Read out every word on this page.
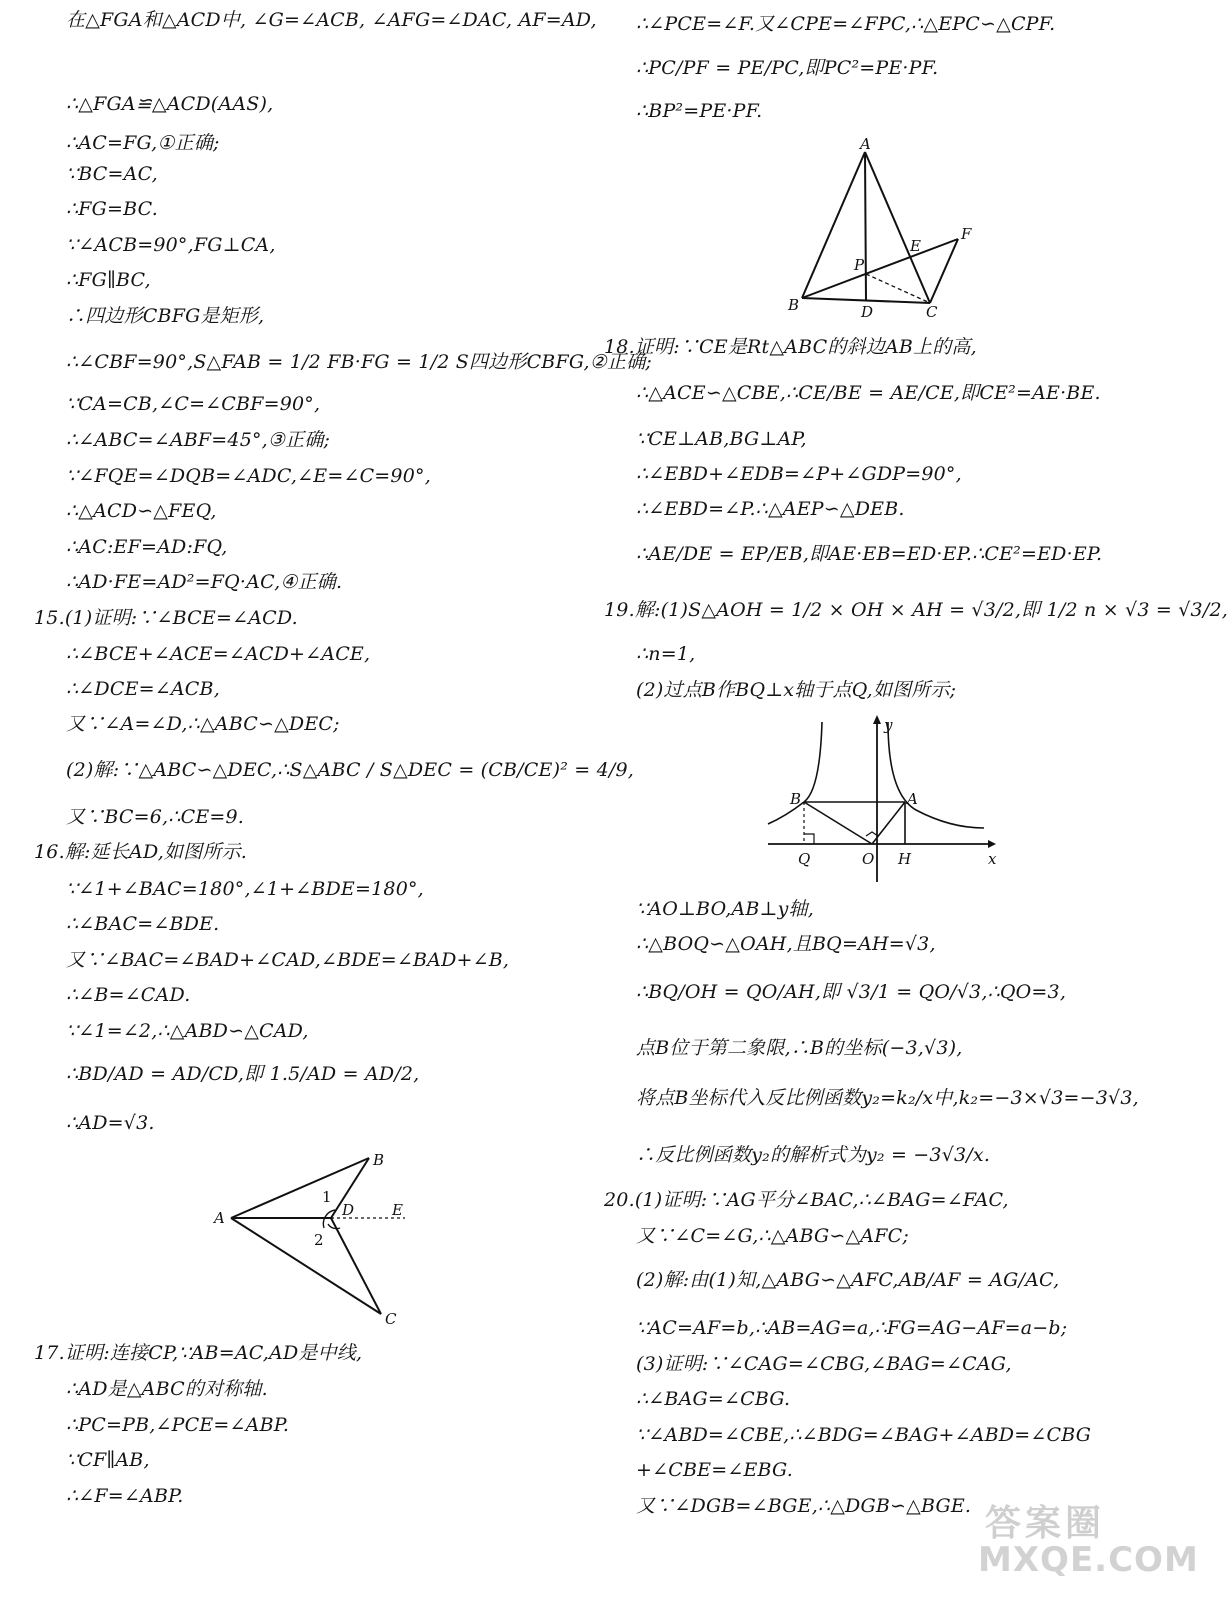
在△FGA和△ACD中, ∠G=∠ACB, ∠AFG=∠DAC, AF=AD,
∴△FGA≌△ACD(AAS),
∴AC=FG,①正确;
∵BC=AC,
∴FG=BC.
∵∠ACB=90°,FG⊥CA,
∴FG∥BC,
∴四边形CBFG是矩形,
∴∠CBF=90°,S△FAB = 1/2 FB·FG = 1/2 S四边形CBFG,②正确;
∵CA=CB,∠C=∠CBF=90°,
∴∠ABC=∠ABF=45°,③正确;
∵∠FQE=∠DQB=∠ADC,∠E=∠C=90°,
∴△ACD∽△FEQ,
∴AC:EF=AD:FQ,
∴AD·FE=AD²=FQ·AC,④正确.
15.(1)证明:∵∠BCE=∠ACD.
∴∠BCE+∠ACE=∠ACD+∠ACE,
∴∠DCE=∠ACB,
又∵∠A=∠D,∴△ABC∽△DEC;
(2)解:∵△ABC∽△DEC,∴S△ABC / S△DEC = (CB/CE)² = 4/9,
又∵BC=6,∴CE=9.
16.解:延长AD,如图所示.
∵∠1+∠BAC=180°,∠1+∠BDE=180°,
∴∠BAC=∠BDE.
又∵∠BAC=∠BAD+∠CAD,∠BDE=∠BAD+∠B,
∴∠B=∠CAD.
∵∠1=∠2,∴△ABD∽△CAD,
∴BD/AD = AD/CD,即 1.5/AD = AD/2,
∴AD=√3.
A
B
C
D	E
1
2
17.证明:连接CP,∵AB=AC,AD是中线,
∴AD是△ABC的对称轴.
∴PC=PB,∠PCE=∠ABP.
∵CF∥AB,
∴∠F=∠ABP.
∴∠PCE=∠F.又∠CPE=∠FPC,∴△EPC∽△CPF.
∴PC/PF = PE/PC,即PC²=PE·PF.
∴BP²=PE·PF.
A
B	C
D
E
F
P
18.证明:∵CE是Rt△ABC的斜边AB上的高,
∴△ACE∽△CBE,∴CE/BE = AE/CE,即CE²=AE·BE.
∵CE⊥AB,BG⊥AP,
∴∠EBD+∠EDB=∠P+∠GDP=90°,
∴∠EBD=∠P.∴△AEP∽△DEB.
∴AE/DE = EP/EB,即AE·EB=ED·EP.∴CE²=ED·EP.
19.解:(1)S△AOH = 1/2 × OH × AH = √3/2,即 1/2 n × √3 = √3/2,
∴n=1,
(2)过点B作BQ⊥x轴于点Q,如图所示;
y
x
B	A
Q	O H
∵AO⊥BO,AB⊥y轴,
∴△BOQ∽△OAH,且BQ=AH=√3,
∴BQ/OH = QO/AH,即 √3/1 = QO/√3,∴QO=3,
点B位于第二象限,∴B的坐标(−3,√3),
将点B坐标代入反比例函数y₂=k₂/x中,k₂=−3×√3=−3√3,
∴反比例函数y₂的解析式为y₂ = −3√3/x.
20.(1)证明:∵AG平分∠BAC,∴∠BAG=∠FAC,
又∵∠C=∠G,∴△ABG∽△AFC;
(2)解:由(1)知,△ABG∽△AFC,AB/AF = AG/AC,
∵AC=AF=b,∴AB=AG=a,∴FG=AG−AF=a−b;
(3)证明:∵∠CAG=∠CBG,∠BAG=∠CAG,
∴∠BAG=∠CBG.
∵∠ABD=∠CBE,∴∠BDG=∠BAG+∠ABD=∠CBG
+∠CBE=∠EBG.
又∵∠DGB=∠BGE,∴△DGB∽△BGE. 答案圈
MXQE.COM
